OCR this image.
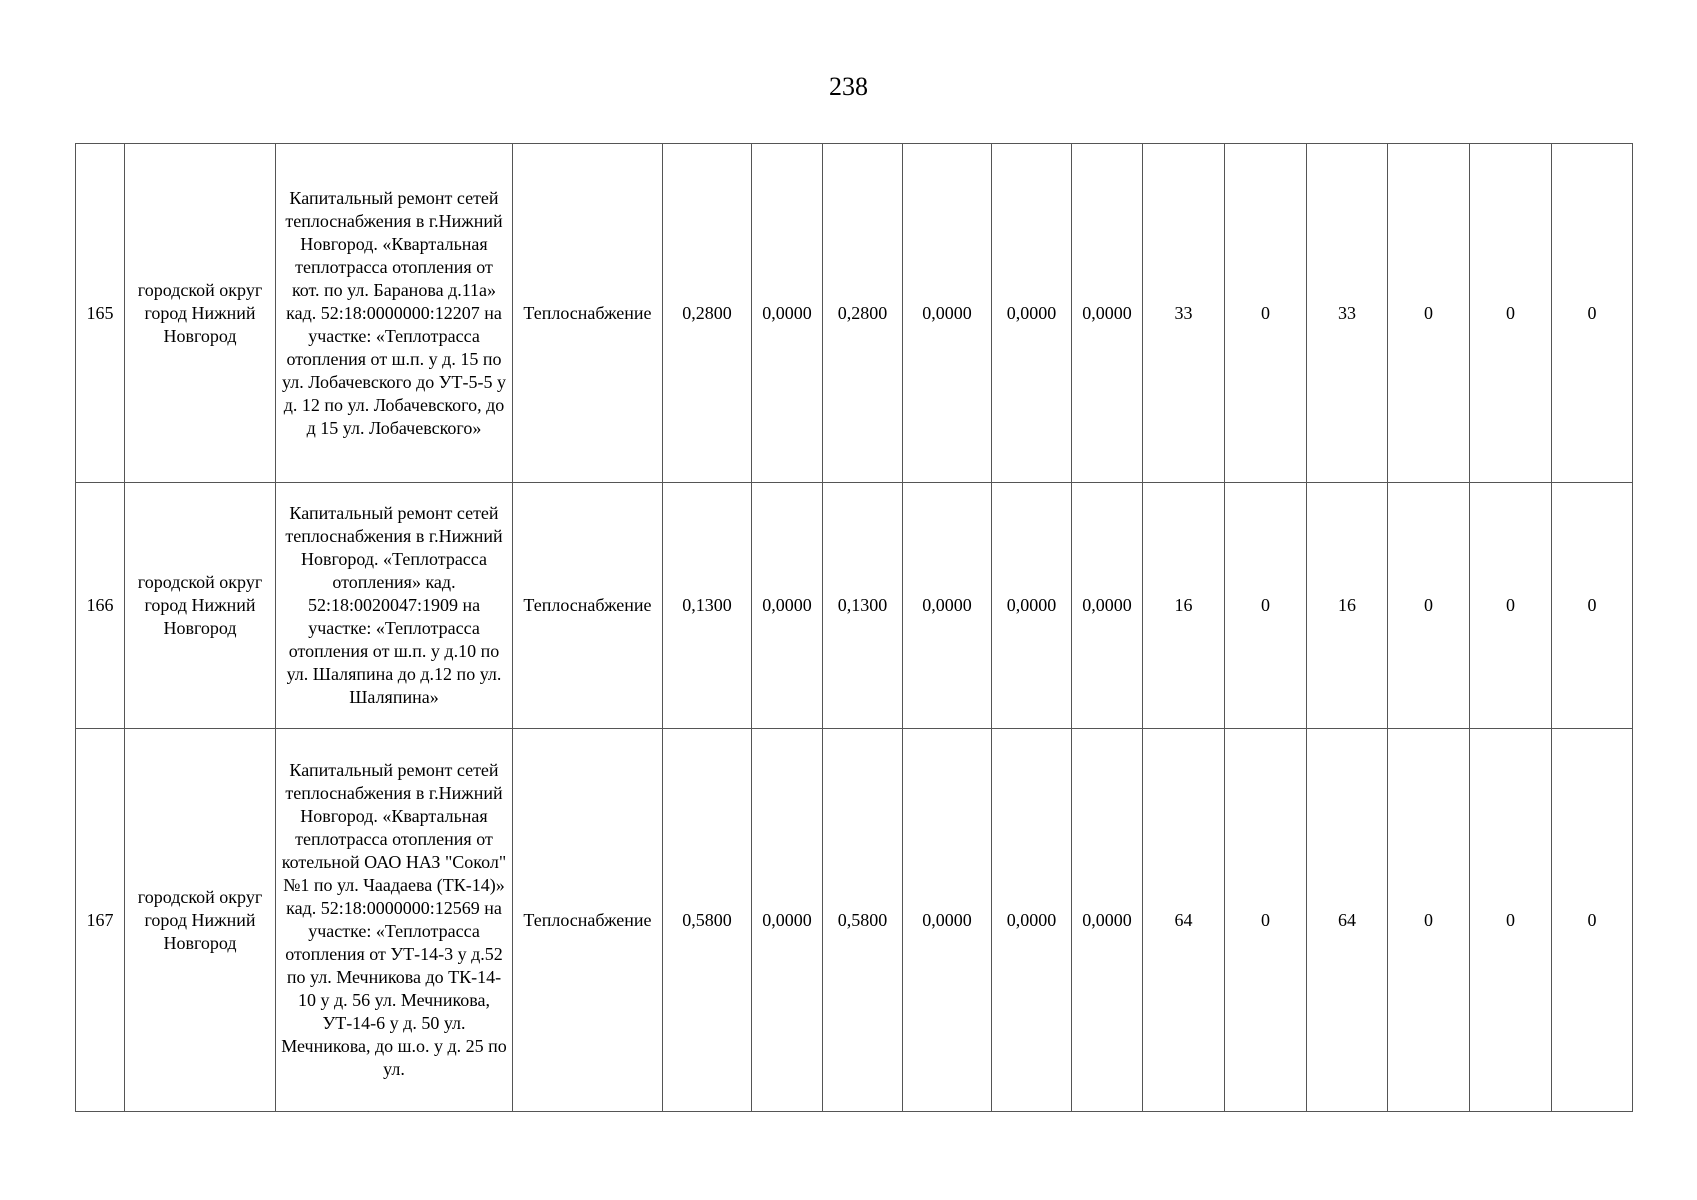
238
165	городской округ город Нижний Новгород	Капитальный ремонт сетей теплоснабжения в г.Нижний Новгород. «Квартальная теплотрасса отопления от кот. по ул. Баранова д.11а» кад. 52:18:0000000:12207 на участке: «Теплотрасса отопления от ш.п. у д. 15 по ул. Лобачевского до УТ-5-5 у д. 12 по ул. Лобачевского, до д 15 ул. Лобачевского»	Теплоснабжение	0,2800	0,0000	0,2800	0,0000	0,0000	0,0000	33	0	33	0	0	0
166	городской округ город Нижний Новгород	Капитальный ремонт сетей теплоснабжения в г.Нижний Новгород. «Теплотрасса отопления» кад. 52:18:0020047:1909 на участке: «Теплотрасса отопления от ш.п. у д.10 по ул. Шаляпина до д.12 по ул. Шаляпина»	Теплоснабжение	0,1300	0,0000	0,1300	0,0000	0,0000	0,0000	16	0	16	0	0	0
167	городской округ город Нижний Новгород	Капитальный ремонт сетей теплоснабжения в г.Нижний Новгород. «Квартальная теплотрасса отопления от котельной ОАО НАЗ "Сокол" №1 по ул. Чаадаева (ТК-14)» кад. 52:18:0000000:12569 на участке: «Теплотрасса отопления от УТ-14-3 у д.52 по ул. Мечникова до ТК-14-10 у д. 56 ул. Мечникова, УТ-14-6 у д. 50 ул. Мечникова, до ш.о. у д. 25 по ул.	Теплоснабжение	0,5800	0,0000	0,5800	0,0000	0,0000	0,0000	64	0	64	0	0	0
